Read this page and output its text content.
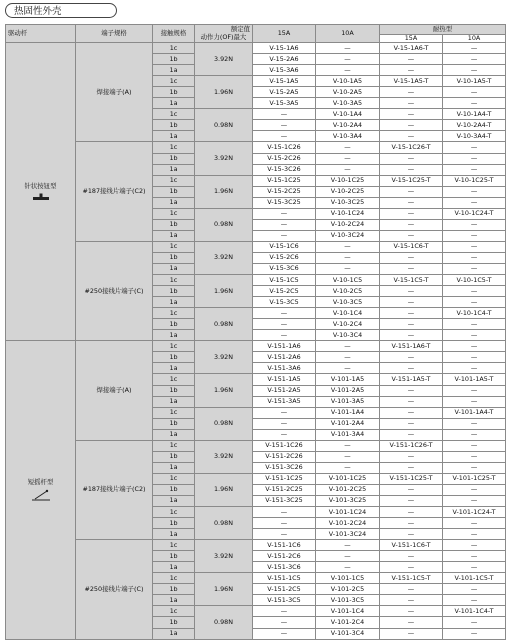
热固性外壳
驱动杆	端子规格	接触规格	额定值
动作力(OF)最大	15A	10A	耐热型	
						15A	10A

针状按钮型	焊接端子(A)	1c	3.92N	V-15-1A6	—	V-15-1A6-T	—
		1b		V-15-2A6	—	—	—
		1a		V-15-3A6	—	—	—
		1c	1.96N	V-15-1A5	V-10-1A5	V-15-1A5-T	V-10-1A5-T
		1b		V-15-2A5	V-10-2A5	—	—
		1a		V-15-3A5	V-10-3A5	—	—
		1c	0.98N	—	V-10-1A4	—	V-10-1A4-T
		1b		—	V-10-2A4	—	V-10-2A4-T
		1a		—	V-10-3A4	—	V-10-3A4-T
	#187接线片端子(C2)	1c	3.92N	V-15-1C26	—	V-15-1C26-T	—
		1b		V-15-2C26	—	—	—
		1a		V-15-3C26	—	—	—
		1c	1.96N	V-15-1C25	V-10-1C25	V-15-1C25-T	V-10-1C25-T
		1b		V-15-2C25	V-10-2C25	—	—
		1a		V-15-3C25	V-10-3C25	—	—
		1c	0.98N	—	V-10-1C24	—	V-10-1C24-T
		1b		—	V-10-2C24	—	—
		1a		—	V-10-3C24	—	—
	#250接线片端子(C)	1c	3.92N	V-15-1C6	—	V-15-1C6-T	—
		1b		V-15-2C6	—	—	—
		1a		V-15-3C6	—	—	—
		1c	1.96N	V-15-1C5	V-10-1C5	V-15-1C5-T	V-10-1C5-T
		1b		V-15-2C5	V-10-2C5	—	—
		1a		V-15-3C5	V-10-3C5	—	—
		1c	0.98N	—	V-10-1C4	—	V-10-1C4-T
		1b		—	V-10-2C4	—	—
		1a		—	V-10-3C4	—	—

短摇杆型	焊接端子(A)	1c	3.92N	V-151-1A6	—	V-151-1A6-T	—
		1b		V-151-2A6	—	—	—
		1a		V-151-3A6	—	—	—
		1c	1.96N	V-151-1A5	V-101-1A5	V-151-1A5-T	V-101-1A5-T
		1b		V-151-2A5	V-101-2A5	—	—
		1a		V-151-3A5	V-101-3A5	—	—
		1c	0.98N	—	V-101-1A4	—	V-101-1A4-T
		1b		—	V-101-2A4	—	—
		1a		—	V-101-3A4	—	—
	#187接线片端子(C2)	1c	3.92N	V-151-1C26	—	V-151-1C26-T	—
		1b		V-151-2C26	—	—	—
		1a		V-151-3C26	—	—	—
		1c	1.96N	V-151-1C25	V-101-1C25	V-151-1C25-T	V-101-1C25-T
		1b		V-151-2C25	V-101-2C25	—	—
		1a		V-151-3C25	V-101-3C25	—	—
		1c	0.98N	—	V-101-1C24	—	V-101-1C24-T
		1b		—	V-101-2C24	—	—
		1a		—	V-101-3C24	—	—
	#250接线片端子(C)	1c	3.92N	V-151-1C6	—	V-151-1C6-T	—
		1b		V-151-2C6	—	—	—
		1a		V-151-3C6	—	—	—
		1c	1.96N	V-151-1C5	V-101-1C5	V-151-1C5-T	V-101-1C5-T
		1b		V-151-2C5	V-101-2C5	—	—
		1a		V-151-3C5	V-101-3C5	—	—
		1c	0.98N	—	V-101-1C4	—	V-101-1C4-T
		1b		—	V-101-2C4	—	—
		1a		—	V-101-3C4	—	—
